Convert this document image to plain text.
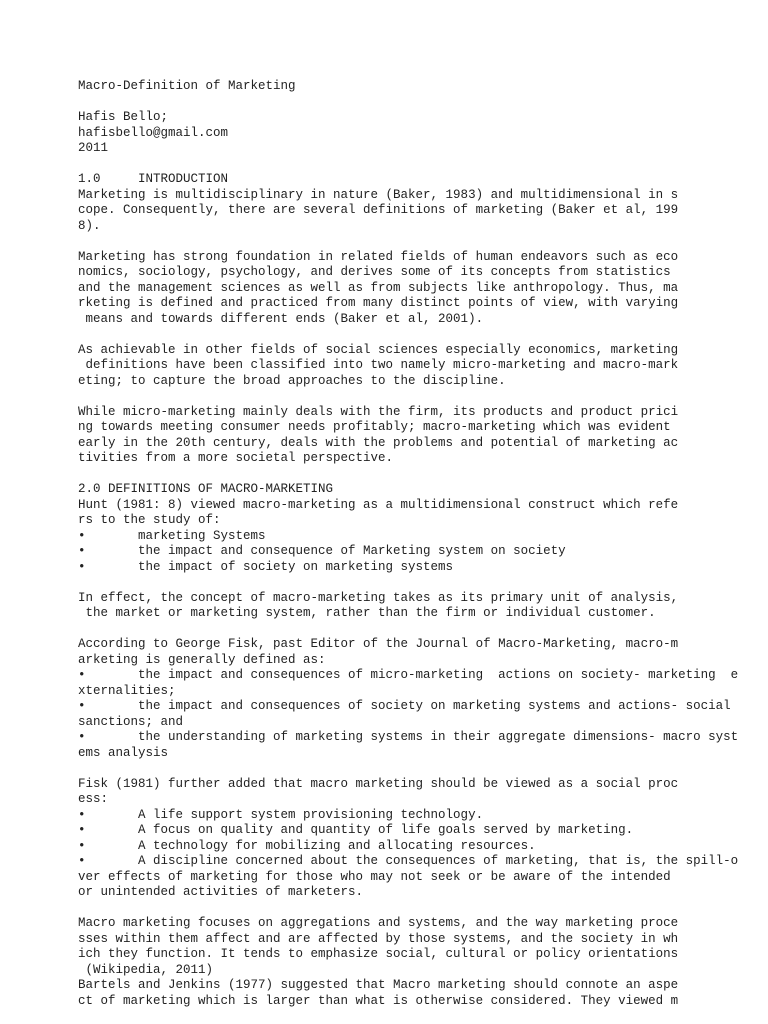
Macro-Definition of Marketing

Hafis Bello;
hafisbello@gmail.com
2011

1.0     INTRODUCTION
Marketing is multidisciplinary in nature (Baker, 1983) and multidimensional in s
cope. Consequently, there are several definitions of marketing (Baker et al, 199
8).

Marketing has strong foundation in related fields of human endeavors such as eco
nomics, sociology, psychology, and derives some of its concepts from statistics
and the management sciences as well as from subjects like anthropology. Thus, ma
rketing is defined and practiced from many distinct points of view, with varying
means and towards different ends (Baker et al, 2001).

As achievable in other fields of social sciences especially economics, marketing
definitions have been classified into two namely micro-marketing and macro-mark
eting; to capture the broad approaches to the discipline.

While micro-marketing mainly deals with the firm, its products and product prici
ng towards meeting consumer needs profitably; macro-marketing which was evident
early in the 20th century, deals with the problems and potential of marketing ac
tivities from a more societal perspective.

2.0 DEFINITIONS OF MACRO-MARKETING
Hunt (1981: 8) viewed macro-marketing as a multidimensional construct which refe
rs to the study of:
•       marketing Systems
•       the impact and consequence of Marketing system on society
•       the impact of society on marketing systems

In effect, the concept of macro-marketing takes as its primary unit of analysis,
the market or marketing system, rather than the firm or individual customer.

According to George Fisk, past Editor of the Journal of Macro-Marketing, macro-m
arketing is generally defined as:
•       the impact and consequences of micro-marketing  actions on society- marketing  e
xternalities;
•       the impact and consequences of society on marketing systems and actions- social
sanctions; and
•       the understanding of marketing systems in their aggregate dimensions- macro syst
ems analysis

Fisk (1981) further added that macro marketing should be viewed as a social proc
ess:
•       A life support system provisioning technology.
•       A focus on quality and quantity of life goals served by marketing.
•       A technology for mobilizing and allocating resources.
•       A discipline concerned about the consequences of marketing, that is, the spill-o
ver effects of marketing for those who may not seek or be aware of the intended
or unintended activities of marketers.

Macro marketing focuses on aggregations and systems, and the way marketing proce
sses within them affect and are affected by those systems, and the society in wh
ich they function. It tends to emphasize social, cultural or policy orientations
(Wikipedia, 2011)
Bartels and Jenkins (1977) suggested that Macro marketing should connote an aspe
ct of marketing which is larger than what is otherwise considered. They viewed m
